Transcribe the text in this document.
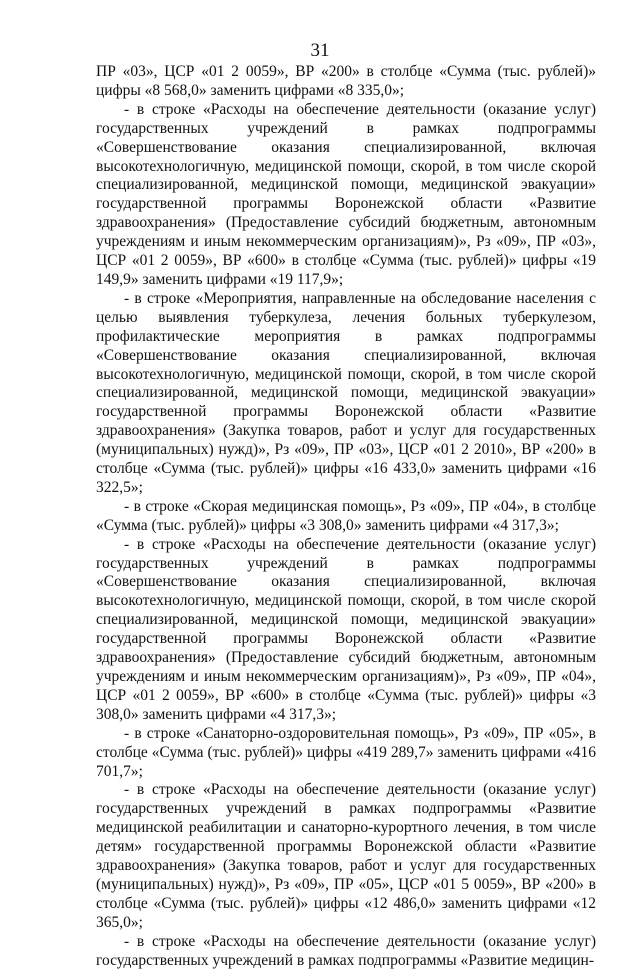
31

ПР «03», ЦСР «01 2 0059», ВР «200» в столбце «Сумма (тыс. рублей)» цифры «8 568,0» заменить цифрами «8 335,0»;

- в строке «Расходы на обеспечение деятельности (оказание услуг) государственных учреждений в рамках подпрограммы «Совершенствование оказания специализированной, включая высокотехнологичную, медицинской помощи, скорой, в том числе скорой специализированной, медицинской помощи, медицинской эвакуации» государственной программы Воронежской области «Развитие здравоохранения» (Предоставление субсидий бюджетным, автономным учреждениям и иным некоммерческим организациям)», Рз «09», ПР «03», ЦСР «01 2 0059», ВР «600» в столбце «Сумма (тыс. рублей)» цифры «19 149,9» заменить цифрами «19 117,9»;

- в строке «Мероприятия, направленные на обследование населения с целью выявления туберкулеза, лечения больных туберкулезом, профилактические мероприятия в рамках подпрограммы «Совершенствование оказания специализированной, включая высокотехнологичную, медицинской помощи, скорой, в том числе скорой специализированной, медицинской помощи, медицинской эвакуации» государственной программы Воронежской области «Развитие здравоохранения» (Закупка товаров, работ и услуг для государственных (муниципальных) нужд)», Рз «09», ПР «03», ЦСР «01 2 2010», ВР «200» в столбце «Сумма (тыс. рублей)» цифры «16 433,0» заменить цифрами «16 322,5»;

- в строке «Скорая медицинская помощь», Рз «09», ПР «04», в столбце «Сумма (тыс. рублей)» цифры «3 308,0» заменить цифрами «4 317,3»;

- в строке «Расходы на обеспечение деятельности (оказание услуг) государственных учреждений в рамках подпрограммы «Совершенствование оказания специализированной, включая высокотехнологичную, медицинской помощи, скорой, в том числе скорой специализированной, медицинской помощи, медицинской эвакуации» государственной программы Воронежской области «Развитие здравоохранения» (Предоставление субсидий бюджетным, автономным учреждениям и иным некоммерческим организациям)», Рз «09», ПР «04», ЦСР «01 2 0059», ВР «600» в столбце «Сумма (тыс. рублей)» цифры «3 308,0» заменить цифрами «4 317,3»;

- в строке «Санаторно-оздоровительная помощь», Рз «09», ПР «05», в столбце «Сумма (тыс. рублей)» цифры «419 289,7» заменить цифрами «416 701,7»;

- в строке «Расходы на обеспечение деятельности (оказание услуг) государственных учреждений в рамках подпрограммы «Развитие медицинской реабилитации и санаторно-курортного лечения, в том числе детям» государственной программы Воронежской области «Развитие здравоохранения» (Закупка товаров, работ и услуг для государственных (муниципальных) нужд)», Рз «09», ПР «05», ЦСР «01 5 0059», ВР «200» в столбце «Сумма (тыс. рублей)» цифры «12 486,0» заменить цифрами «12 365,0»;

- в строке «Расходы на обеспечение деятельности (оказание услуг) государственных учреждений в рамках подпрограммы «Развитие медицин-
